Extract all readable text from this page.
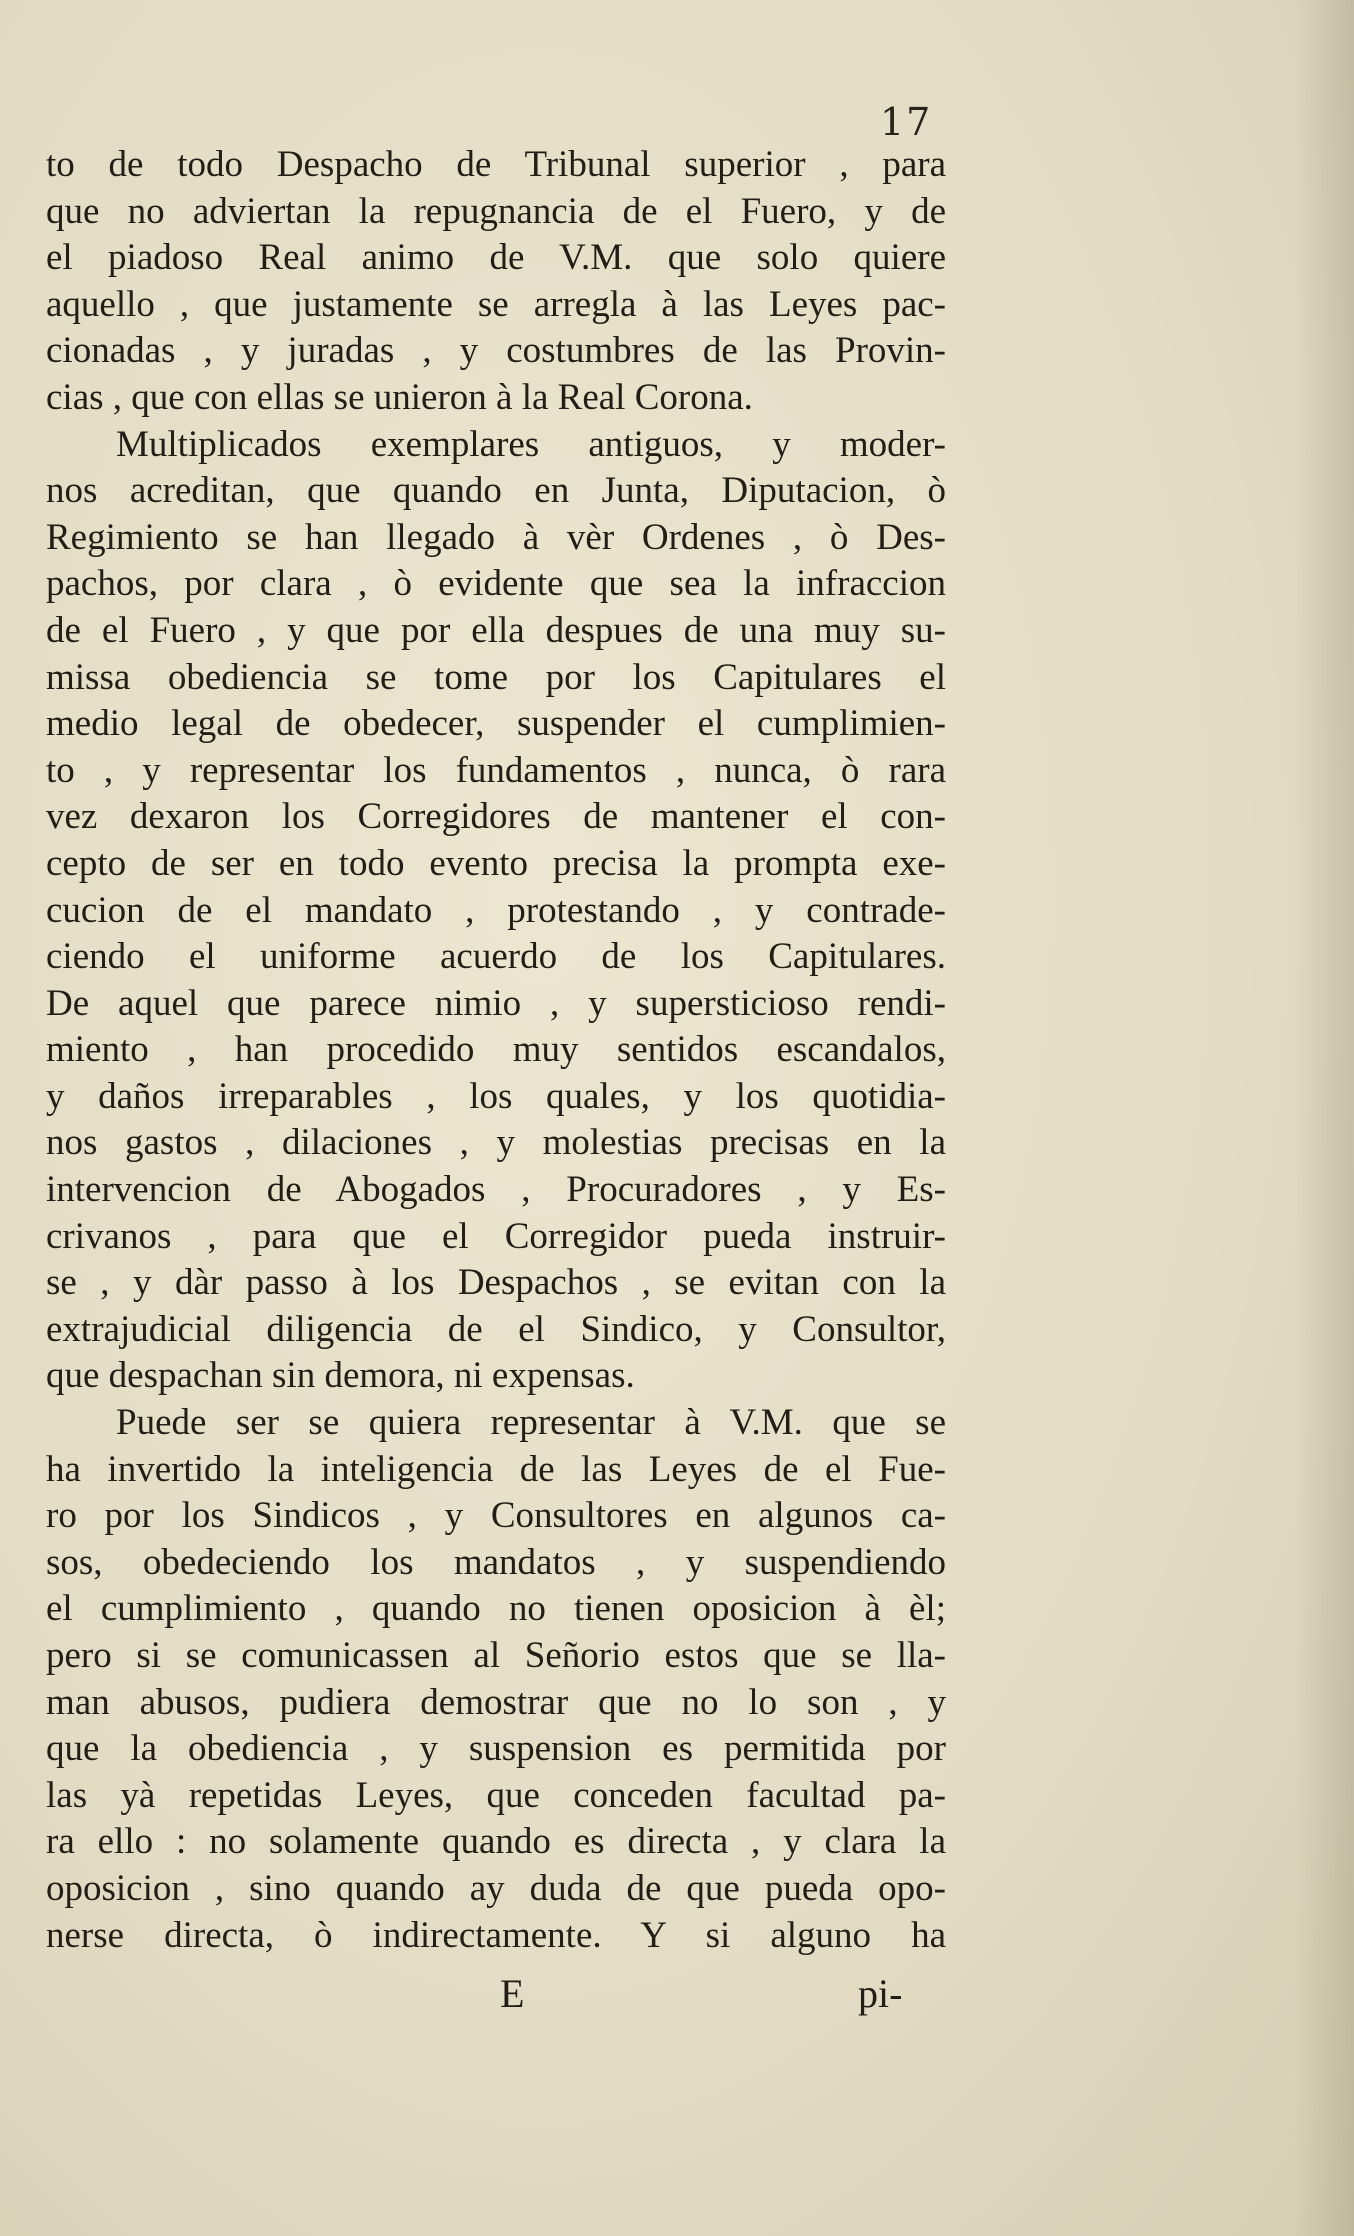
17
to de todo Despacho de Tribunal superior , para
que no adviertan la repugnancia de el Fuero, y de
el piadoso Real animo de V.M. que solo quiere
aquello , que justamente se arregla à las Leyes pac-
cionadas , y juradas , y costumbres de las Provin-
cias , que con ellas se unieron à la Real Corona.
Multiplicados exemplares antiguos, y moder-
nos acreditan, que quando en Junta, Diputacion, ò
Regimiento se han llegado à vèr Ordenes , ò Des-
pachos, por clara , ò evidente que sea la infraccion
de el Fuero , y que por ella despues de una muy su-
missa obediencia se tome por los Capitulares el
medio legal de obedecer, suspender el cumplimien-
to , y representar los fundamentos , nunca, ò rara
vez dexaron los Corregidores de mantener el con-
cepto de ser en todo evento precisa la prompta exe-
cucion de el mandato , protestando , y contrade-
ciendo el uniforme acuerdo de los Capitulares.
De aquel que parece nimio , y supersticioso rendi-
miento , han procedido muy sentidos escandalos,
y daños irreparables , los quales, y los quotidia-
nos gastos , dilaciones , y molestias precisas en la
intervencion de Abogados , Procuradores , y Es-
crivanos , para que el Corregidor pueda instruir-
se , y dàr passo à los Despachos , se evitan con la
extrajudicial diligencia de el Sindico, y Consultor,
que despachan sin demora, ni expensas.
Puede ser se quiera representar à V.M. que se
ha invertido la inteligencia de las Leyes de el Fue-
ro por los Sindicos , y Consultores en algunos ca-
sos, obedeciendo los mandatos , y suspendiendo
el cumplimiento , quando no tienen oposicion à èl;
pero si se comunicassen al Señorio estos que se lla-
man abusos, pudiera demostrar que no lo son , y
que la obediencia , y suspension es permitida por
las yà repetidas Leyes, que conceden facultad pa-
ra ello : no solamente quando es directa , y clara la
oposicion , sino quando ay duda de que pueda opo-
nerse directa, ò indirectamente. Y si alguno ha
E	pi-
